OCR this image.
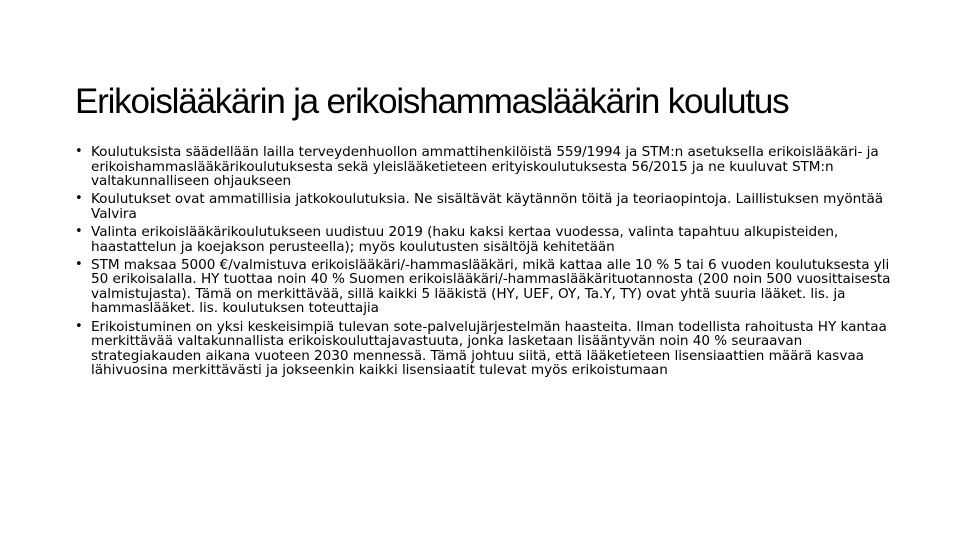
Erikoislääkärin ja erikoishammaslääkärin koulutus
• Koulutuksista säädellään lailla terveydenhuollon ammattihenkilöistä 559/1994 ja STM:n asetuksella erikoislääkäri- ja erikoishammaslääkärikoulutuksesta sekä yleislääketieteen erityiskoulutuksesta 56/2015 ja ne kuuluvat STM:n valtakunnalliseen ohjaukseen
• Koulutukset ovat ammatillisia jatkokoulutuksia. Ne sisältävät käytännön töitä ja teoriaopintoja. Laillistuksen myöntää Valvira
• Valinta erikoislääkärikoulutukseen uudistuu 2019 (haku kaksi kertaa vuodessa, valinta tapahtuu alkupisteiden, haastattelun ja koejakson perusteella); myös koulutusten sisältöjä kehitetään
• STM maksaa 5000 €/valmistuva erikoislääkäri/-hammaslääkäri, mikä kattaa alle 10 % 5 tai 6 vuoden koulutuksesta yli 50 erikoisalalla. HY tuottaa noin 40 % Suomen erikoislääkäri/-hammaslääkärituotannosta (200 noin 500 vuosittaisesta valmistujasta). Tämä on merkittävää, sillä kaikki 5 lääkistä (HY, UEF, OY, Ta.Y, TY) ovat yhtä suuria lääket. lis. ja hammaslääket. lis. koulutuksen toteuttajia
• Erikoistuminen on yksi keskeisimpiä tulevan sote-palvelujärjestelmän haasteita. Ilman todellista rahoitusta HY kantaa merkittävää valtakunnallista erikoiskouluttajavastuuta, jonka lasketaan lisääntyvän noin 40 % seuraavan strategiakauden aikana vuoteen 2030 mennessä. Tämä johtuu siitä, että lääketieteen lisensiaattien määrä kasvaa lähivuosina merkittävästi ja jokseenkin kaikki lisensiaatit tulevat myös erikoistumaan
